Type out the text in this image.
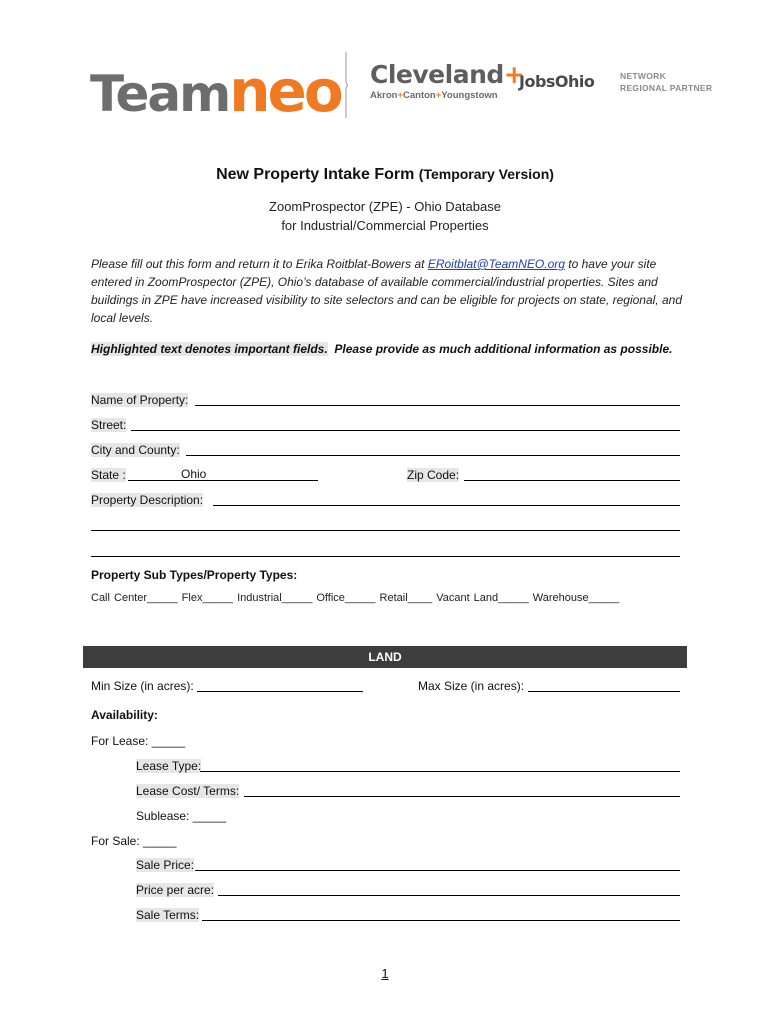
Teamneo Cleveland+
Akron+Canton+Youngstown
JobsOhio	NETWORK
REGIONAL PARTNER
New Property Intake Form (Temporary Version)
ZoomProspector (ZPE) - Ohio Database
for Industrial/Commercial Properties
Please fill out this form and return it to Erika Roitblat-Bowers at ERoitblat@TeamNEO.org to have your site entered in ZoomProspector (ZPE), Ohio’s database of available commercial/industrial properties. Sites and buildings in ZPE have increased visibility to site selectors and can be eligible for projects on state, regional, and local levels.
Highlighted text denotes important fields. Please provide as much additional information as possible.
Name of Property:
Street:
City and County:
State :	Ohio	Zip Code:
Property Description:
Property Sub Types/Property Types:
Call Center_____ Flex_____ Industrial_____ Office_____ Retail____ Vacant Land_____ Warehouse_____
LAND
Min Size (in acres):	Max Size (in acres):
Availability:
For Lease: _____
Lease Type:
Lease Cost/ Terms:
Sublease: _____
For Sale: _____
Sale Price:
Price per acre:
Sale Terms:
1
